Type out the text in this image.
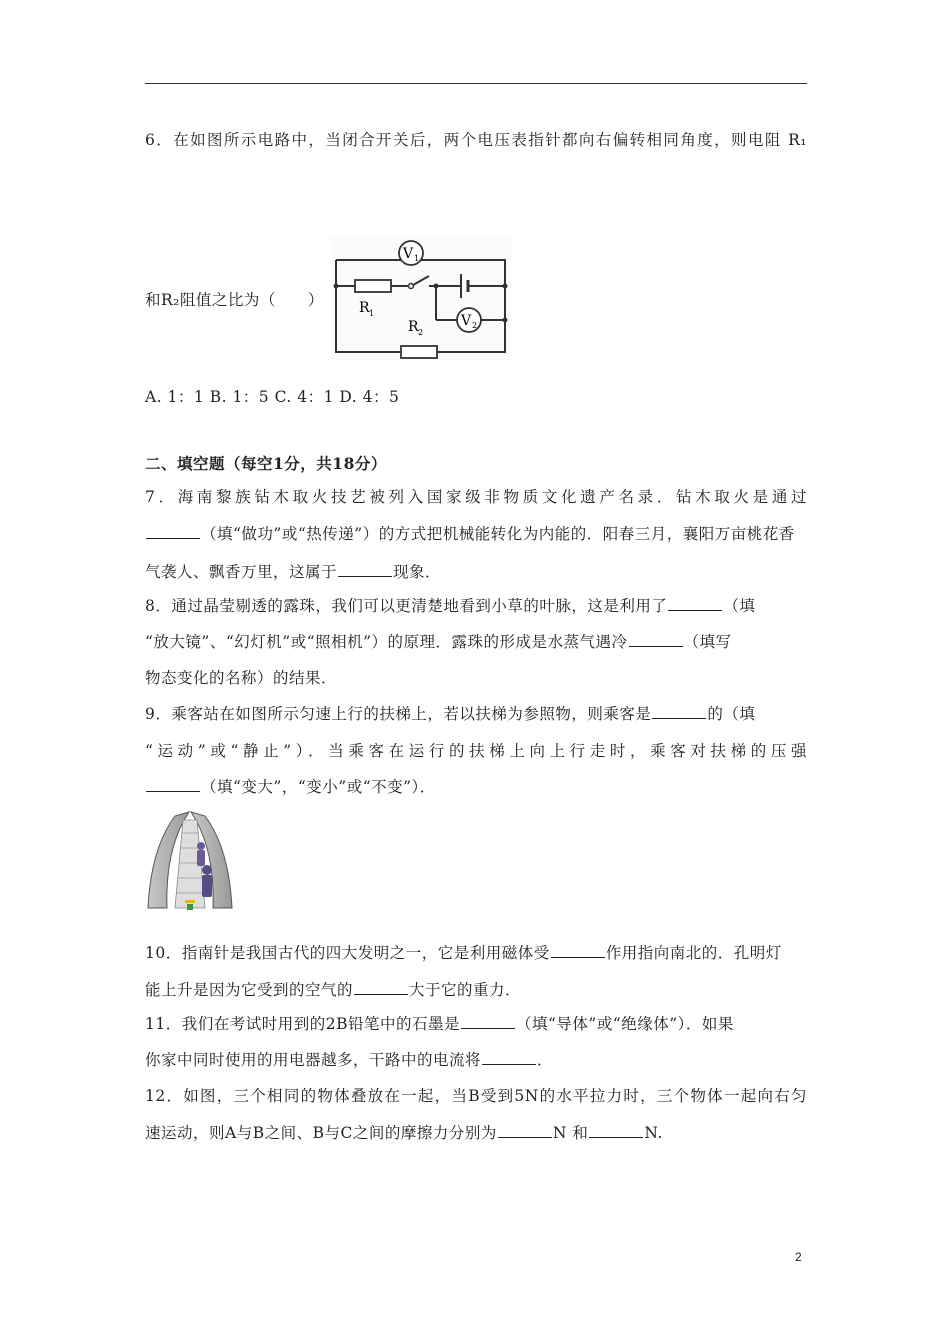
6．在如图所示电路中，当闭合开关后，两个电压表指针都向右偏转相同角度，则电阻 R₁
V 1
V 2
R 1
R 2
和R₂阻值之比为（　　）
A. 1：1 B. 1：5 C. 4：1 D. 4：5
二、填空题（每空1分，共18分）
7．海南黎族钻木取火技艺被列入国家级非物质文化遗产名录．钻木取火是通过
（填“做功”或“热传递”）的方式把机械能转化为内能的．阳春三月，襄阳万亩桃花香
气袭人、飘香万里，这属于	现象．
8．通过晶莹剔透的露珠，我们可以更清楚地看到小草的叶脉，这是利用了	（填
“放大镜”、“幻灯机”或“照相机”）的原理．露珠的形成是水蒸气遇冷	（填写
物态变化的名称）的结果．
9．乘客站在如图所示匀速上行的扶梯上，若以扶梯为参照物，则乘客是	的（填
“运动”或“静止”）．当乘客在运行的扶梯上向上行走时，乘客对扶梯的压强
（填“变大”，“变小”或“不变”）．
10．指南针是我国古代的四大发明之一，它是利用磁体受	作用指向南北的．孔明灯
能上升是因为它受到的空气的	大于它的重力．
11．我们在考试时用到的2B铅笔中的石墨是	（填“导体”或“绝缘体”）．如果
你家中同时使用的用电器越多，干路中的电流将	．
12．如图，三个相同的物体叠放在一起，当B受到5N的水平拉力时，三个物体一起向右匀
速运动，则A与B之间、B与C之间的摩擦力分别为	N 和	N.
2
